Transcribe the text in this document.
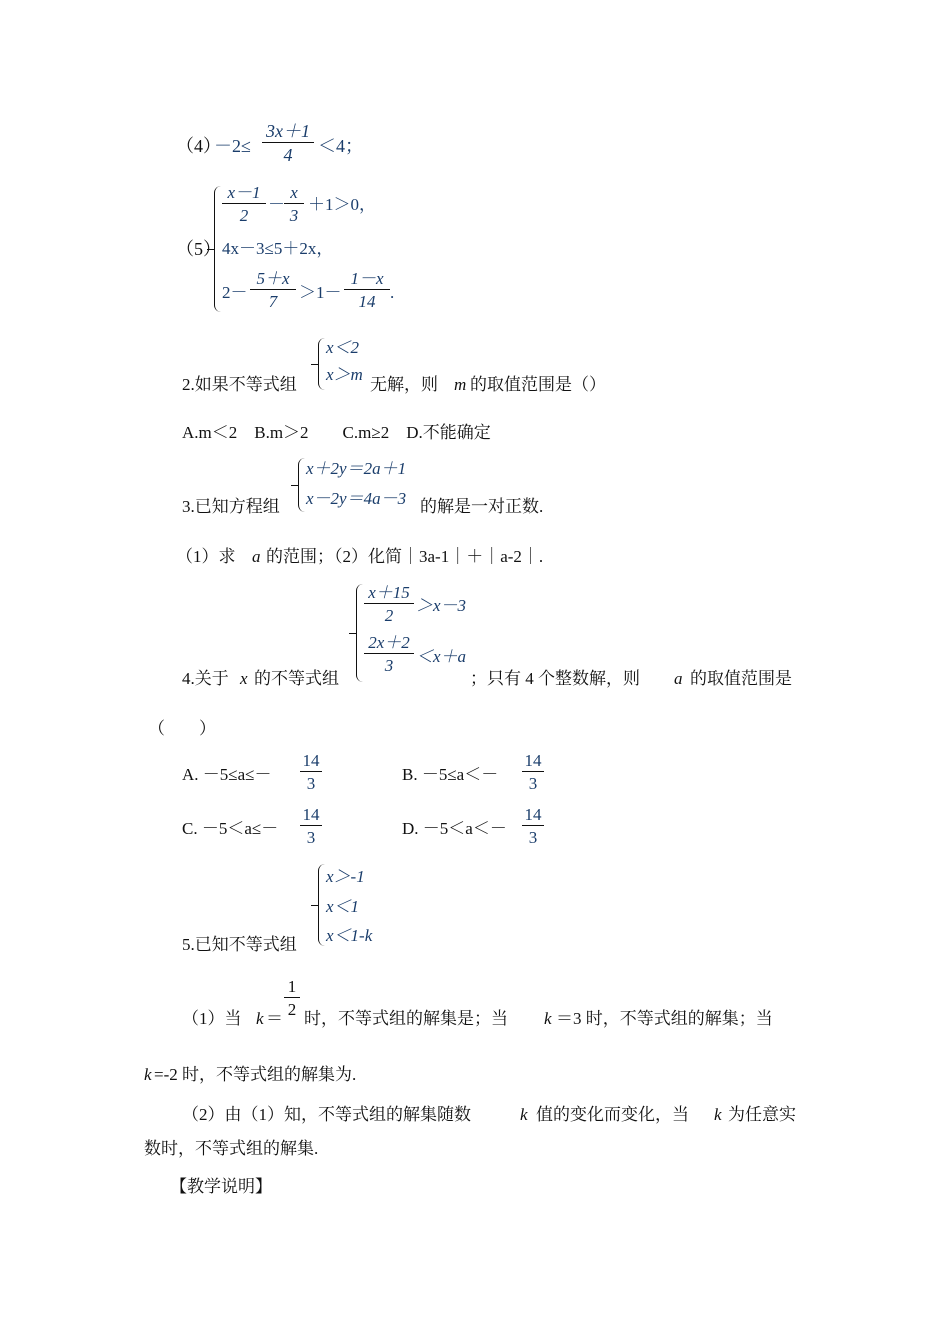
（4）
$-2\le \frac{3x+1}{4} <4$；
（5）
$\frac{x-1}{2} - \frac{x}{3} +1>0$，
4x－3≤5＋2x，
$2- \frac{5+x}{7} >1- \frac{1-x}{14}$ .
x＜2
x＞m
2.如果不等式组	无解，则 m 的取值范围是（）
A.m＜2　B.m＞2　　C.m≥2　D.不能确定
x＋2y＝2a＋1
x－2y＝4a－3
3.已知方程组	的解是一对正数.
（1）求 a 的范围；（2）化简｜3a-1｜＋｜a-2｜.
$\frac{x+15}{2} >x-3$
$\frac{2x+2}{3} <x+a$
4.关于 x 的不等式组	；只有 4 个整数解，则 a 的取值范围是
（　　）
A. $-5\le a\le- \frac{14}{3}$	B. $-5\le a<- \frac{14}{3}$
C. $-5<a\le- \frac{14}{3}$	D. $-5<a<- \frac{14}{3}$
x＞-1
x＜1
x＜1-k
5.已知不等式组
（1）当 k ＝
$\frac{1}{2}$
时，不等式组的解集是；当 k ＝3 时，不等式组的解集；当
k =-2 时，不等式组的解集为.
（2）由（1）知，不等式组的解集随数	k 值的变化而变化，当 k 为任意实
数时，不等式组的解集.
【教学说明】
